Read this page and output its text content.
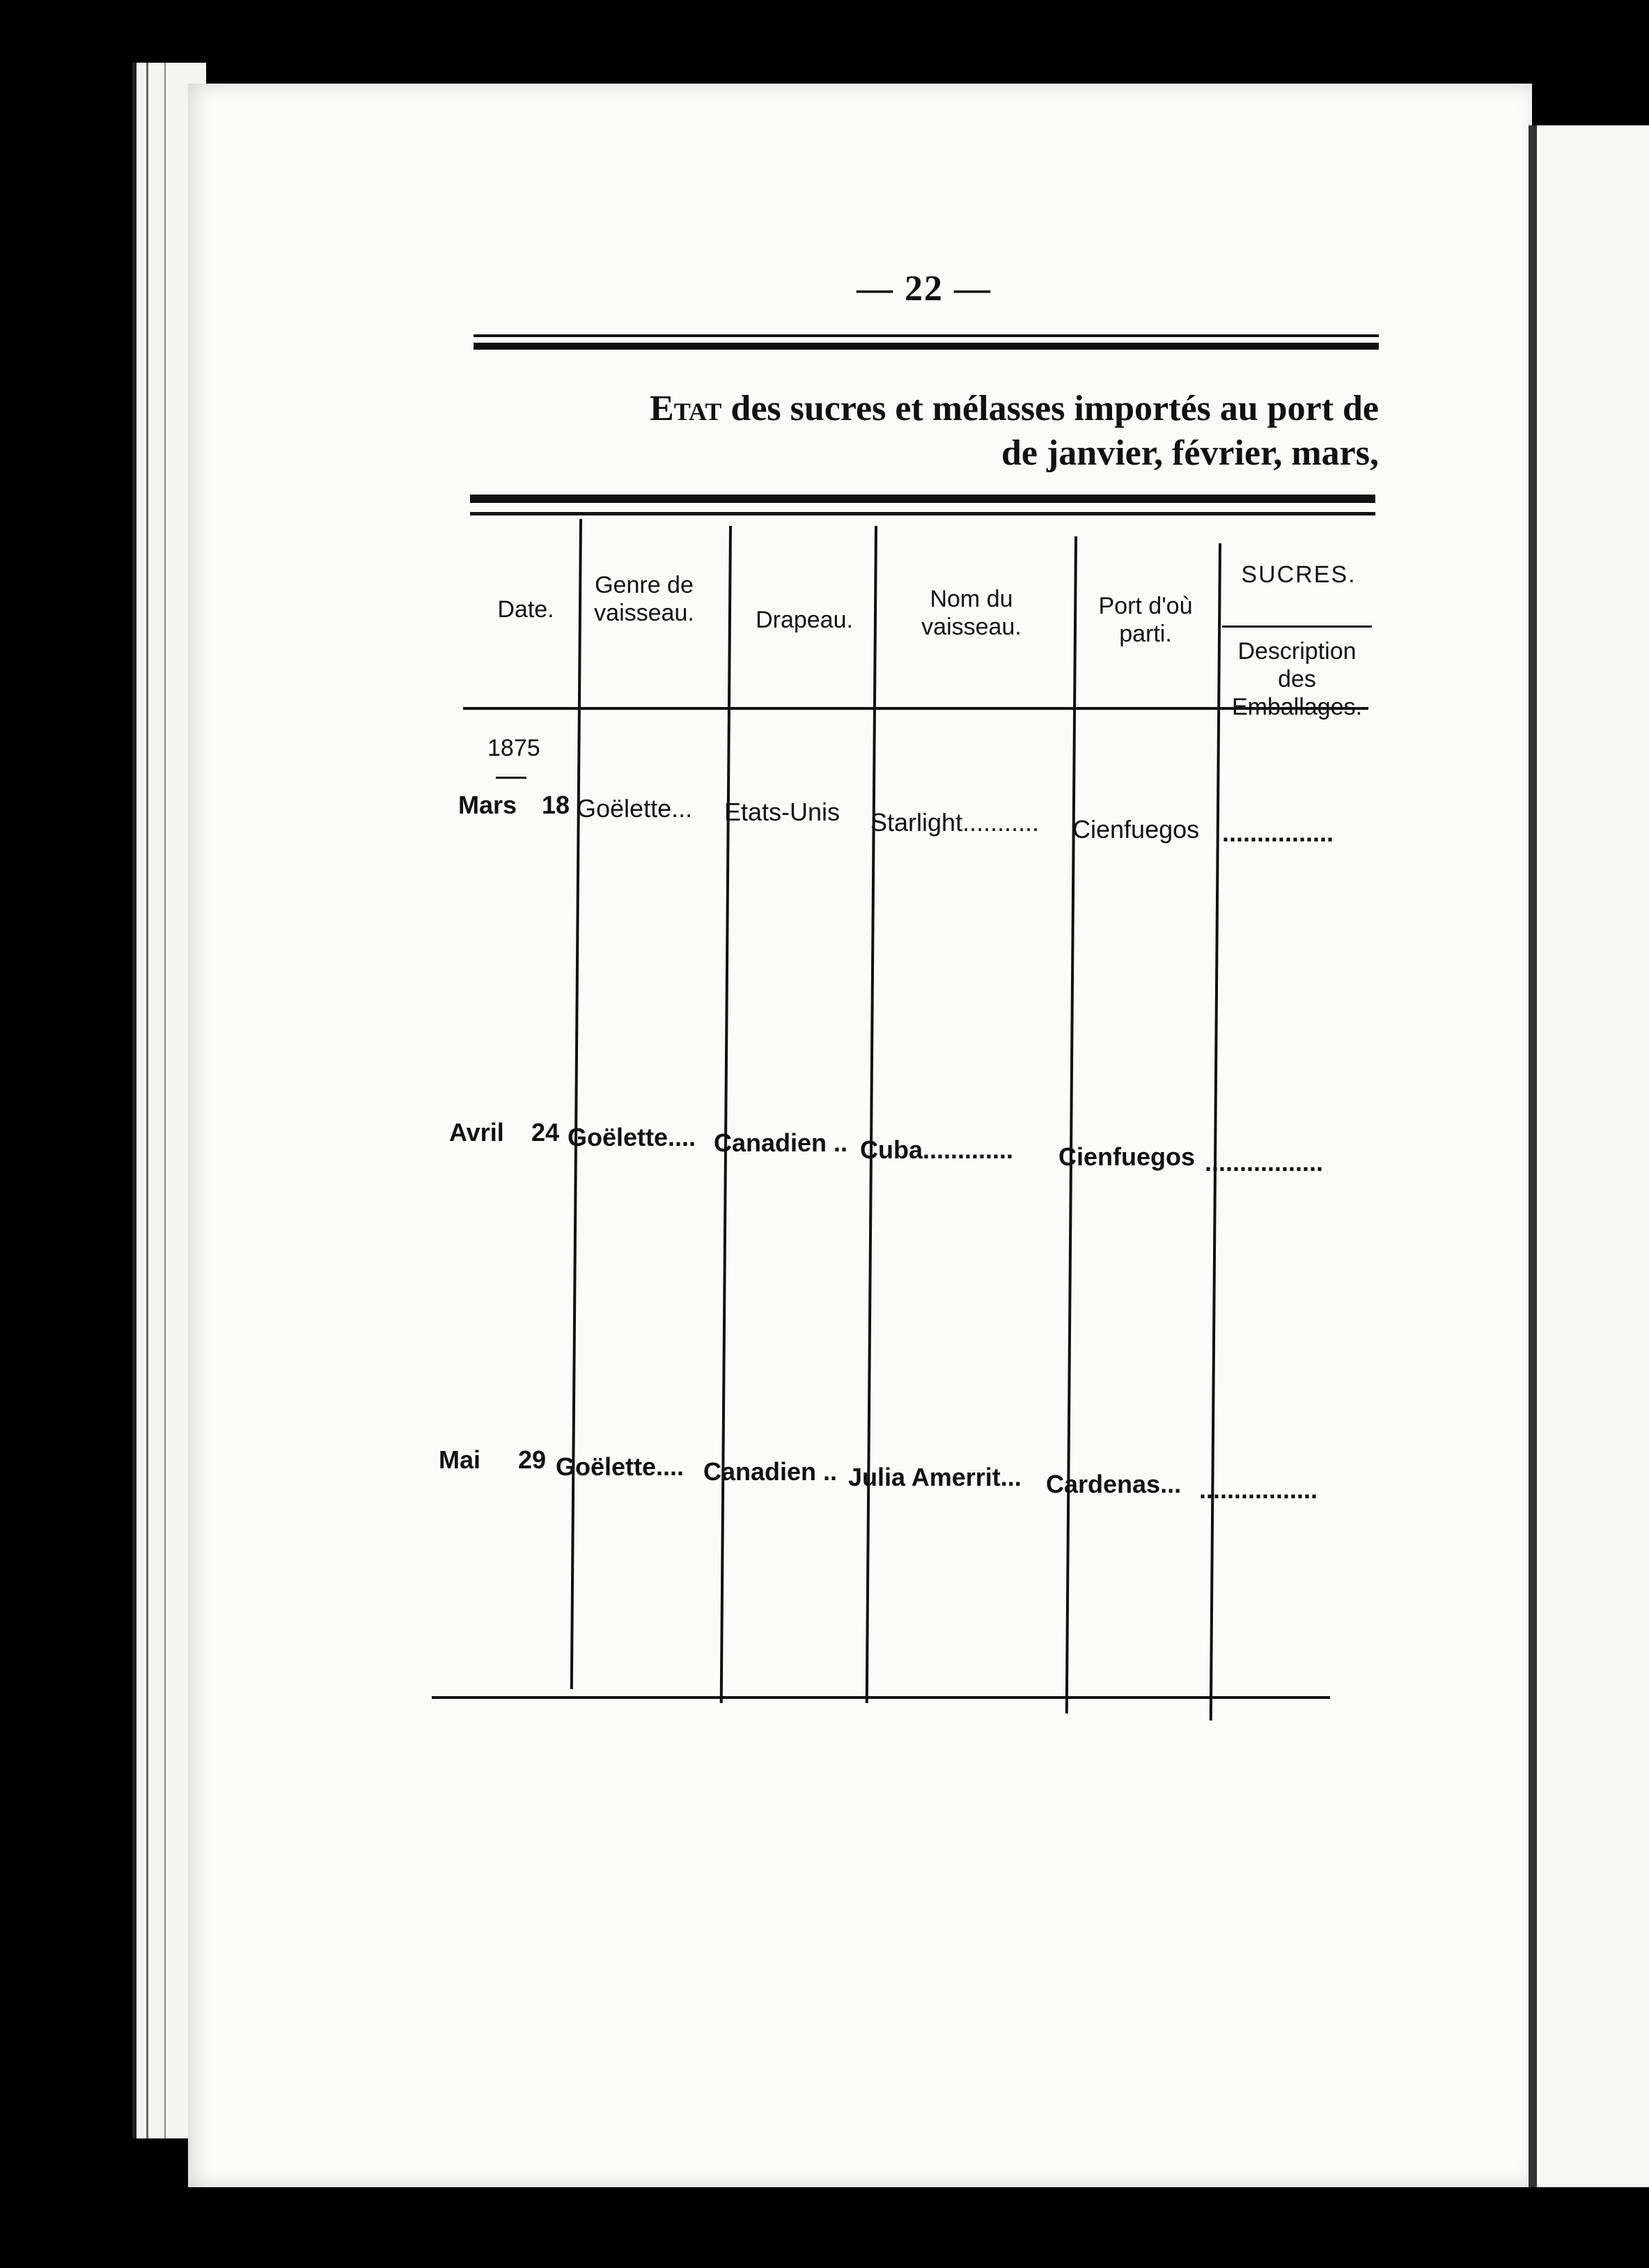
— 22 —
Etat des sucres et mélasses importés au port de
de janvier, février, mars,
Date.
Genre de vaisseau.	Drapeau.
Nom du vaisseau.
Port d'où parti.
SUCRES.
Description des Emballages.
1875
Mars 18 Goëlette... Etats-Unis Starlight........... Cienfuegos ................
Avril 24 Goëlette.... Canadien .. Cuba............. Cienfuegos .................
Mai 29 Goëlette.... Canadien .. Julia Amerrit... Cardenas... .................
